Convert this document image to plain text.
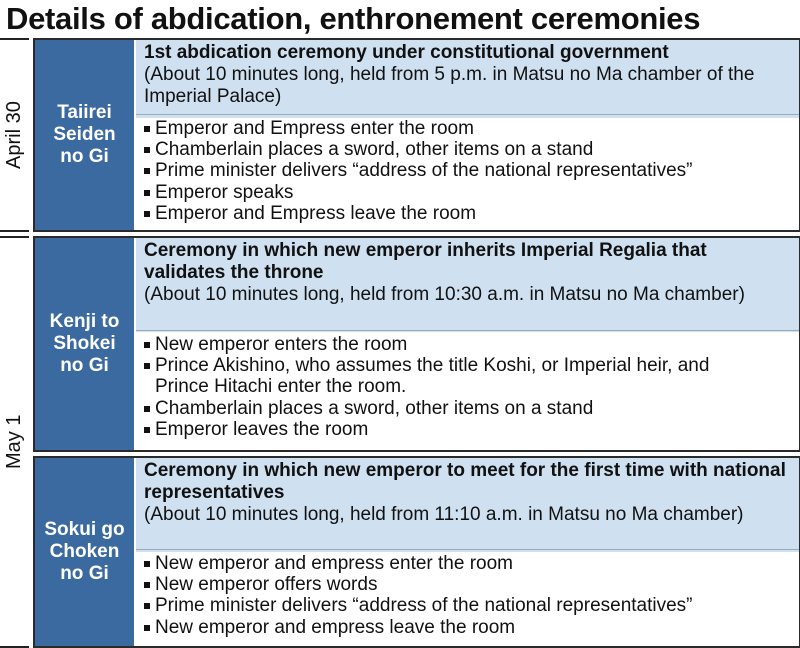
Details of abdication, enthronement ceremonies
April 30
May 1
Taiirei
Seiden
no Gi
1st abdication ceremony under constitutional government
(About 10 minutes long, held from 5 p.m. in Matsu no Ma chamber of the Imperial Palace)
Emperor and Empress enter the room
Chamberlain places a sword, other items on a stand
Prime minister delivers “address of the national representatives”
Emperor speaks
Emperor and Empress leave the room
Kenji to
Shokei
no Gi
Ceremony in which new emperor inherits Imperial Regalia that validates the throne
(About 10 minutes long, held from 10:30 a.m. in Matsu no Ma chamber)
New emperor enters the room
Prince Akishino, who assumes the title Koshi, or Imperial heir, and
Prince Hitachi enter the room.
Chamberlain places a sword, other items on a stand
Emperor leaves the room
Sokui go
Choken
no Gi
Ceremony in which new emperor to meet for the first time with national representatives
(About 10 minutes long, held from 11:10 a.m. in Matsu no Ma chamber)
New emperor and empress enter the room
New emperor offers words
Prime minister delivers “address of the national representatives”
New emperor and empress leave the room
